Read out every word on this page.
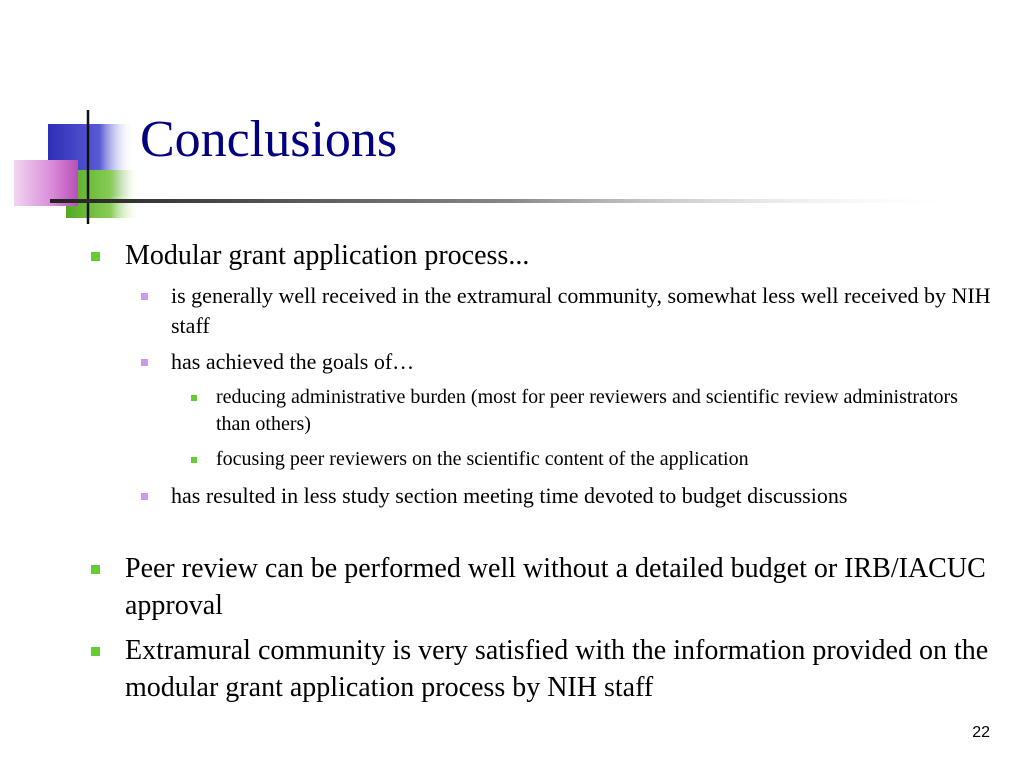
Conclusions
Modular grant application process...
is generally well received in the extramural community, somewhat less well received by NIH staff
has achieved the goals of…
reducing administrative burden (most for peer reviewers and scientific review administrators than others)
focusing peer reviewers on the scientific content of the application
has resulted in less study section meeting time devoted to budget discussions
Peer review can be performed well without a detailed budget or IRB/IACUC approval
Extramural community is very satisfied with the information provided on the modular grant application process by NIH staff
22
